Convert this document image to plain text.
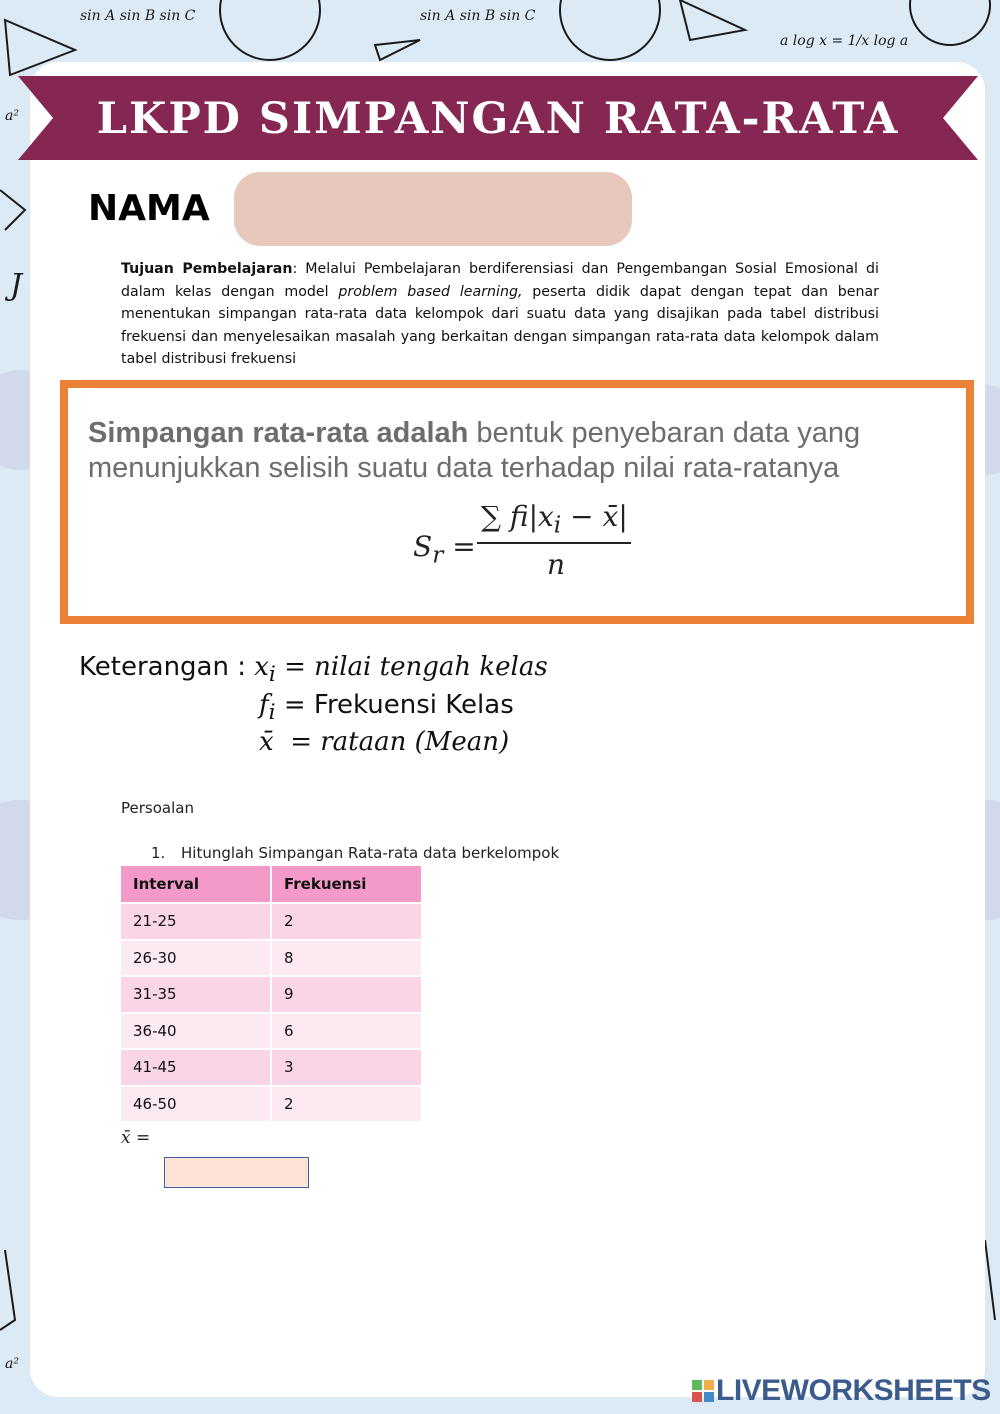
sin A sin B sin C	sin A sin B sin C
a log x = 1/x log a
a²
a²
J
LKPD SIMPANGAN RATA-RATA
NAMA
Tujuan Pembelajaran: Melalui Pembelajaran berdiferensiasi dan Pengembangan Sosial Emosional di dalam kelas dengan model problem based learning, peserta didik dapat dengan tepat dan benar menentukan simpangan rata-rata data kelompok dari suatu data yang disajikan pada tabel distribusi frekuensi dan menyelesaikan masalah yang berkaitan dengan simpangan rata-rata data kelompok dalam tabel distribusi frekuensi
Simpangan rata-rata adalah bentuk penyebaran data yang menunjukkan selisih suatu data terhadap nilai rata-ratanya
$S_r$ =
∑ $fi|x_i$ − x̄|
n
Keterangan : $x_i$ = nilai tengah kelas
$f_i$ = Frekuensi Kelas
x̄  = rataan (Mean)
Persoalan
1. Hitunglah Simpangan Rata-rata data berkelompok
Interval	Frekuensi
21-25	2
26-30	8
31-35	9
36-40	6
41-45	3
46-50	2
x̄ =
LIVEWORKSHEETS
